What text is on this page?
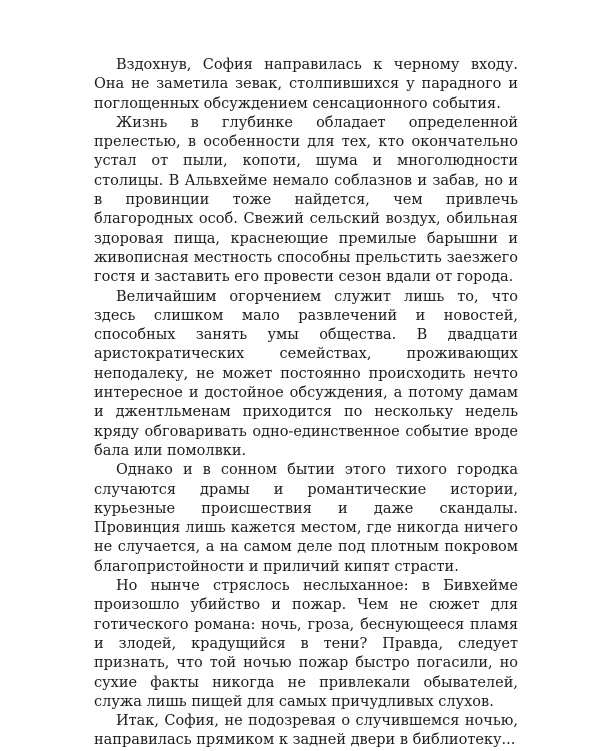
Вздохнув, София направилась к черному входу. Она не заметила зевак, столпившихся у парадного и поглощенных обсуждением сенсационного события.

Жизнь в глубинке обладает определенной прелестью, в особенности для тех, кто окончательно устал от пыли, копоти, шума и многолюдности столицы. В Альвхейме немало соблазнов и забав, но и в провинции тоже найдется, чем привлечь благородных особ. Свежий сельский воздух, обильная здоровая пища, краснеющие премилые барышни и живописная местность способны прельстить заезжего гостя и заставить его провести сезон вдали от города.

Величайшим огорчением служит лишь то, что здесь слишком мало развлечений и новостей, способных занять умы общества. В двадцати аристократических семействах, проживающих неподалеку, не может постоянно происходить нечто интересное и достойное обсуждения, а потому дамам и джентльменам приходится по нескольку недель кряду обговаривать одно-единственное событие вроде бала или помолвки.

Однако и в сонном бытии этого тихого городка случаются драмы и романтические истории, курьезные происшествия и даже скандалы. Провинция лишь кажется местом, где никогда ничего не случается, а на самом деле под плотным покровом благопристойности и приличий кипят страсти.

Но нынче стряслось неслыханное: в Бивхейме произошло убийство и пожар. Чем не сюжет для готического романа: ночь, гроза, беснующееся пламя и злодей, крадущийся в тени? Правда, следует признать, что той ночью пожар быстро погасили, но сухие факты никогда не привлекали обывателей, служа лишь пищей для самых причудливых слухов.

Итак, София, не подозревая о случившемся ночью, направилась прямиком к задней двери в библиотеку...
